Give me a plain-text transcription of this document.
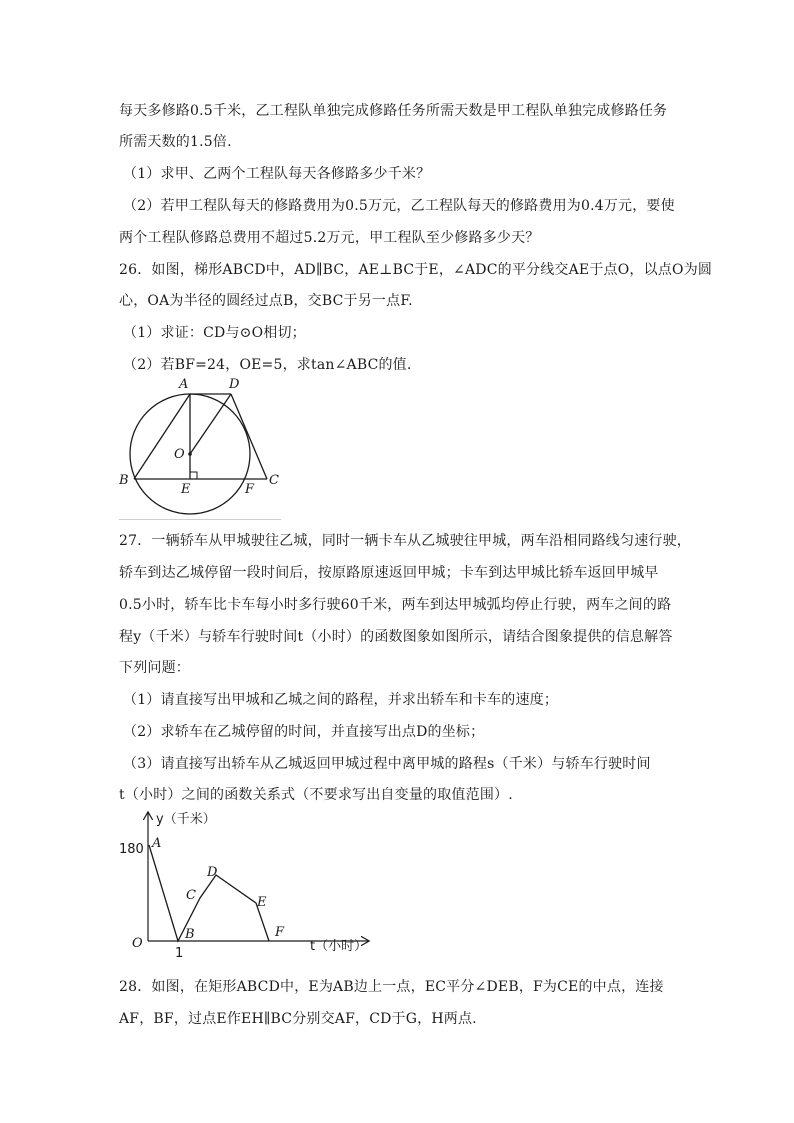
每天多修路0.5千米，乙工程队单独完成修路任务所需天数是甲工程队单独完成修路任务
所需天数的1.5倍.
（1）求甲、乙两个工程队每天各修路多少千米？
（2）若甲工程队每天的修路费用为0.5万元，乙工程队每天的修路费用为0.4万元，要使
两个工程队修路总费用不超过5.2万元，甲工程队至少修路多少天？
26．如图，梯形ABCD中，AD∥BC，AE⊥BC于E，∠ADC的平分线交AE于点O，以点O为圆
心，OA为半径的圆经过点B，交BC于另一点F.
（1）求证：CD与⊙O相切；
（2）若BF=24，OE=5，求tan∠ABC的值.
A	D
O
B
E	F
C
27．一辆轿车从甲城驶往乙城，同时一辆卡车从乙城驶往甲城，两车沿相同路线匀速行驶，
轿车到达乙城停留一段时间后，按原路原速返回甲城；卡车到达甲城比轿车返回甲城早
0.5小时，轿车比卡车每小时多行驶60千米，两车到达甲城弧均停止行驶，两车之间的路
程y（千米）与轿车行驶时间t（小时）的函数图象如图所示，请结合图象提供的信息解答
下列问题：
（1）请直接写出甲城和乙城之间的路程，并求出轿车和卡车的速度；
（2）求轿车在乙城停留的时间，并直接写出点D的坐标；
（3）请直接写出轿车从乙城返回甲城过程中离甲城的路程s（千米）与轿车行驶时间
t（小时）之间的函数关系式（不要求写出自变量的取值范围）.
y（千米）
t（小时）
180
1
O
A
B
C
D
E
F
28．如图，在矩形ABCD中，E为AB边上一点，EC平分∠DEB，F为CE的中点，连接
AF，BF，过点E作EH∥BC分别交AF，CD于G，H两点.
